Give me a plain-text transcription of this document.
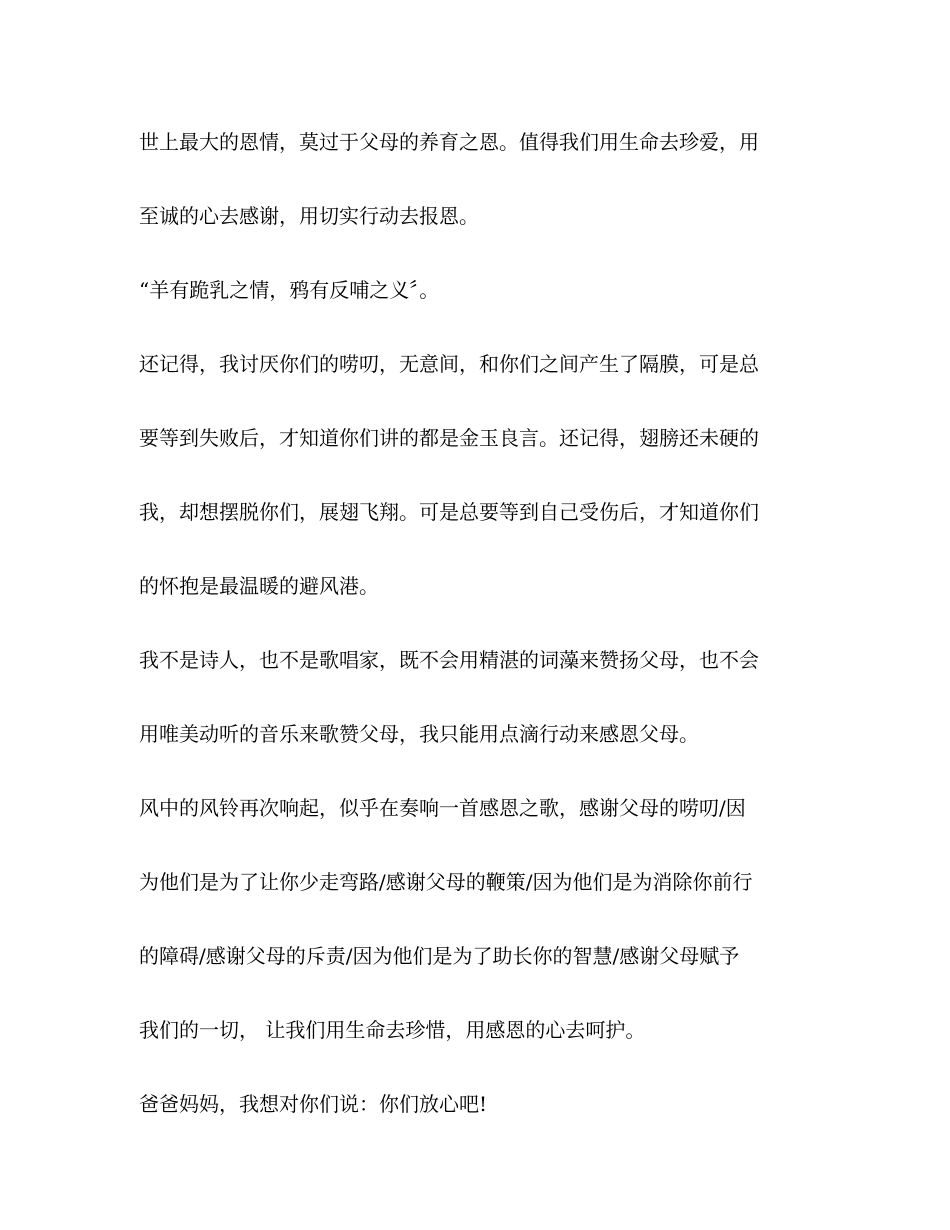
世上最大的恩情，莫过于父母的养育之恩。值得我们用生命去珍爱，用
至诚的心去感谢，用切实行动去报恩。
“羊有跪乳之情，鸦有反哺之义〞。
还记得，我讨厌你们的唠叨，无意间，和你们之间产生了隔膜，可是总
要等到失败后，才知道你们讲的都是金玉良言。还记得，翅膀还未硬的
我，却想摆脱你们，展翅飞翔。可是总要等到自己受伤后，才知道你们
的怀抱是最温暖的避风港。
我不是诗人，也不是歌唱家，既不会用精湛的词藻来赞扬父母，也不会
用唯美动听的音乐来歌赞父母，我只能用点滴行动来感恩父母。
风中的风铃再次响起，似乎在奏响一首感恩之歌，感谢父母的唠叨/因
为他们是为了让你少走弯路/感谢父母的鞭策/因为他们是为消除你前行
的障碍/感谢父母的斥责/因为他们是为了助长你的智慧/感谢父母赋予
我们的一切， 让我们用生命去珍惜，用感恩的心去呵护。
爸爸妈妈，我想对你们说：你们放心吧!
